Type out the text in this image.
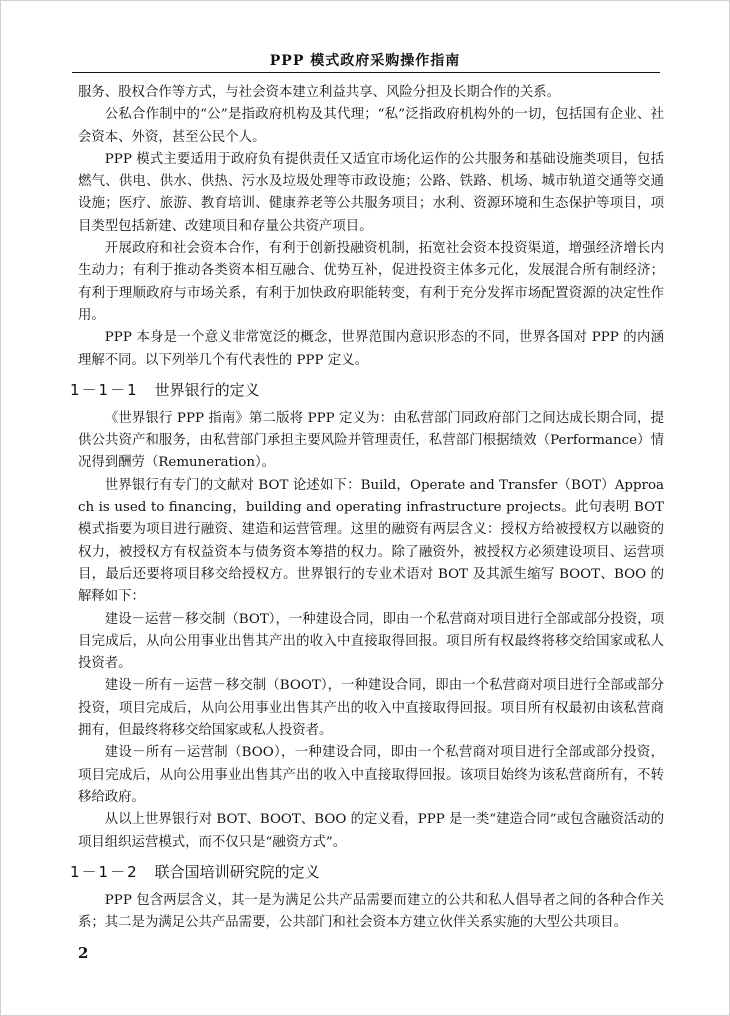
PPP 模式政府采购操作指南

服务、股权合作等方式，与社会资本建立利益共享、风险分担及长期合作的关系。

公私合作制中的“公”是指政府机构及其代理；“私”泛指政府机构外的一切，包括国有企业、社会资本、外资，甚至公民个人。

PPP 模式主要适用于政府负有提供责任又适宜市场化运作的公共服务和基础设施类项目，包括燃气、供电、供水、供热、污水及垃圾处理等市政设施；公路、铁路、机场、城市轨道交通等交通设施；医疗、旅游、教育培训、健康养老等公共服务项目；水利、资源环境和生态保护等项目，项目类型包括新建、改建项目和存量公共资产项目。

开展政府和社会资本合作，有利于创新投融资机制，拓宽社会资本投资渠道，增强经济增长内生动力；有利于推动各类资本相互融合、优势互补，促进投资主体多元化，发展混合所有制经济；有利于理顺政府与市场关系，有利于加快政府职能转变，有利于充分发挥市场配置资源的决定性作用。

PPP 本身是一个意义非常宽泛的概念，世界范围内意识形态的不同，世界各国对 PPP 的内涵理解不同。以下列举几个有代表性的 PPP 定义。

1－1－1 世界银行的定义

《世界银行 PPP 指南》第二版将 PPP 定义为：由私营部门同政府部门之间达成长期合同，提供公共资产和服务，由私营部门承担主要风险并管理责任，私营部门根据绩效（Performance）情况得到酬劳（Remuneration）。

世界银行有专门的文献对 BOT 论述如下：Build，Operate and Transfer（BOT）Approach is used to financing，building and operating infrastructure projects。此句表明 BOT 模式指要为项目进行融资、建造和运营管理。这里的融资有两层含义：授权方给被授权方以融资的权力，被授权方有权益资本与债务资本筹措的权力。除了融资外，被授权方必须建设项目、运营项目，最后还要将项目移交给授权方。世界银行的专业术语对 BOT 及其派生缩写 BOOT、BOO 的解释如下：

建设－运营－移交制（BOT），一种建设合同，即由一个私营商对项目进行全部或部分投资，项目完成后，从向公用事业出售其产出的收入中直接取得回报。项目所有权最终将移交给国家或私人投资者。

建设－所有－运营－移交制（BOOT），一种建设合同，即由一个私营商对项目进行全部或部分投资，项目完成后，从向公用事业出售其产出的收入中直接取得回报。项目所有权最初由该私营商拥有，但最终将移交给国家或私人投资者。

建设－所有－运营制（BOO），一种建设合同，即由一个私营商对项目进行全部或部分投资，项目完成后，从向公用事业出售其产出的收入中直接取得回报。该项目始终为该私营商所有，不转移给政府。

从以上世界银行对 BOT、BOOT、BOO 的定义看，PPP 是一类“建造合同”或包含融资活动的项目组织运营模式，而不仅只是“融资方式”。

1－1－2 联合国培训研究院的定义

PPP 包含两层含义，其一是为满足公共产品需要而建立的公共和私人倡导者之间的各种合作关系；其二是为满足公共产品需要，公共部门和社会资本方建立伙伴关系实施的大型公共项目。

2
